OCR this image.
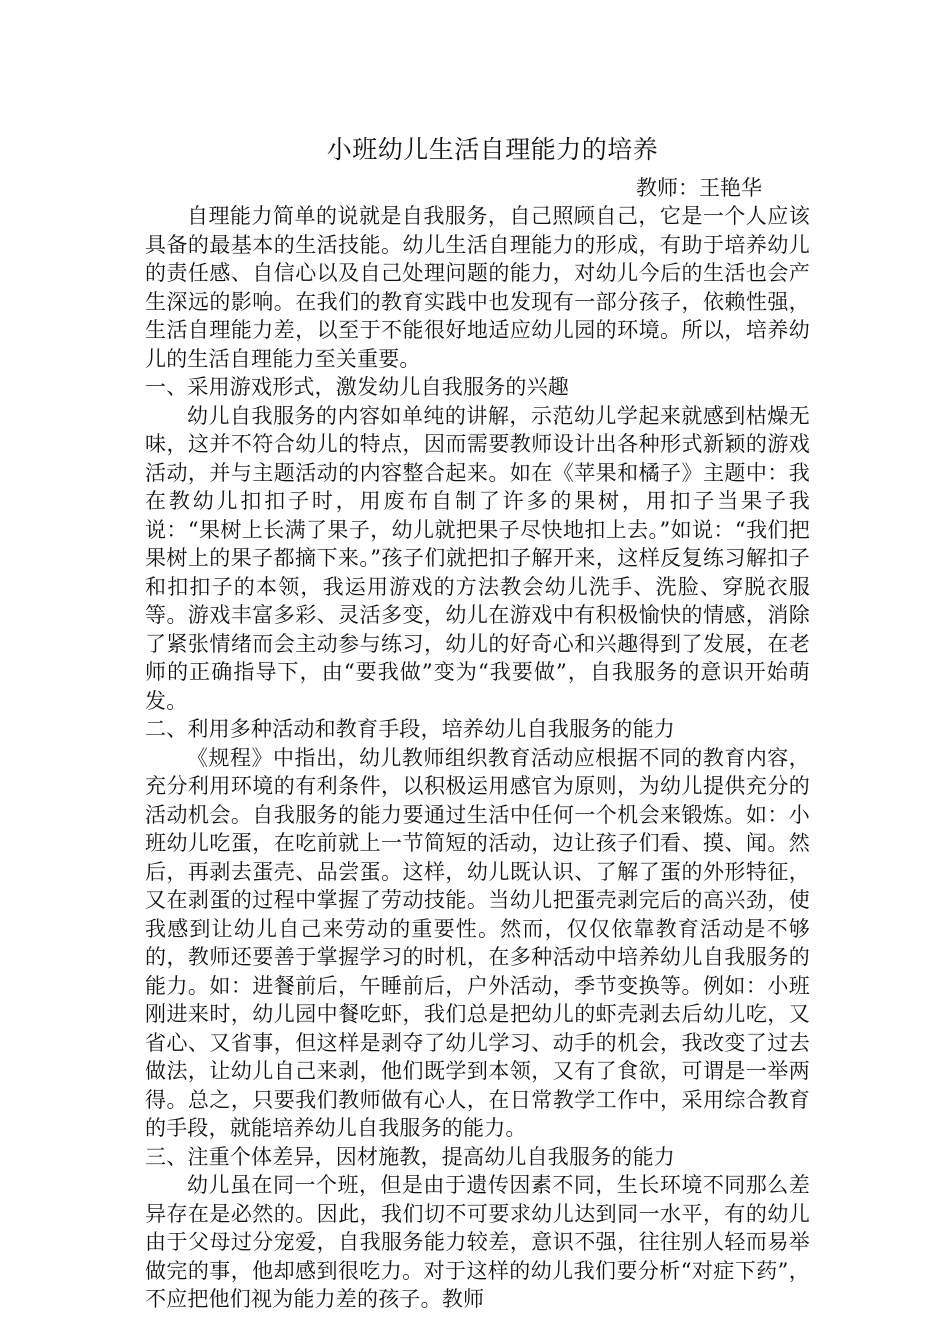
小班幼儿生活自理能力的培养
教师：王艳华

自理能力简单的说就是自我服务，自己照顾自己，它是一个人应该具备的最基本的生活技能。幼儿生活自理能力的形成，有助于培养幼儿的责任感、自信心以及自己处理问题的能力，对幼儿今后的生活也会产生深远的影响。在我们的教育实践中也发现有一部分孩子，依赖性强，生活自理能力差，以至于不能很好地适应幼儿园的环境。所以，培养幼儿的生活自理能力至关重要。

一、采用游戏形式，激发幼儿自我服务的兴趣

幼儿自我服务的内容如单纯的讲解，示范幼儿学起来就感到枯燥无味，这并不符合幼儿的特点，因而需要教师设计出各种形式新颖的游戏活动，并与主题活动的内容整合起来。如在《苹果和橘子》主题中：我在教幼儿扣扣子时，用废布自制了许多的果树，用扣子当果子我说：“果树上长满了果子，幼儿就把果子尽快地扣上去。”如说：“我们把果树上的果子都摘下来。”孩子们就把扣子解开来，这样反复练习解扣子和扣扣子的本领，我运用游戏的方法教会幼儿洗手、洗脸、穿脱衣服等。游戏丰富多彩、灵活多变，幼儿在游戏中有积极愉快的情感，消除了紧张情绪而会主动参与练习，幼儿的好奇心和兴趣得到了发展，在老师的正确指导下，由“要我做”变为“我要做”，自我服务的意识开始萌发。

二、利用多种活动和教育手段，培养幼儿自我服务的能力

《规程》中指出，幼儿教师组织教育活动应根据不同的教育内容，充分利用环境的有利条件，以积极运用感官为原则，为幼儿提供充分的活动机会。自我服务的能力要通过生活中任何一个机会来锻炼。如：小班幼儿吃蛋，在吃前就上一节简短的活动，边让孩子们看、摸、闻。然后，再剥去蛋壳、品尝蛋。这样，幼儿既认识、了解了蛋的外形特征，又在剥蛋的过程中掌握了劳动技能。当幼儿把蛋壳剥完后的高兴劲，使我感到让幼儿自己来劳动的重要性。然而，仅仅依靠教育活动是不够的，教师还要善于掌握学习的时机，在多种活动中培养幼儿自我服务的能力。如：进餐前后，午睡前后，户外活动，季节变换等。例如：小班刚进来时，幼儿园中餐吃虾，我们总是把幼儿的虾壳剥去后幼儿吃，又省心、又省事，但这样是剥夺了幼儿学习、动手的机会，我改变了过去做法，让幼儿自己来剥，他们既学到本领，又有了食欲，可谓是一举两得。总之，只要我们教师做有心人，在日常教学工作中，采用综合教育的手段，就能培养幼儿自我服务的能力。

三、注重个体差异，因材施教，提高幼儿自我服务的能力

幼儿虽在同一个班，但是由于遗传因素不同，生长环境不同那么差异存在是必然的。因此，我们切不可要求幼儿达到同一水平，有的幼儿由于父母过分宠爱，自我服务能力较差，意识不强，往往别人轻而易举做完的事，他却感到很吃力。对于这样的幼儿我们要分析“对症下药”，不应把他们视为能力差的孩子。教师
